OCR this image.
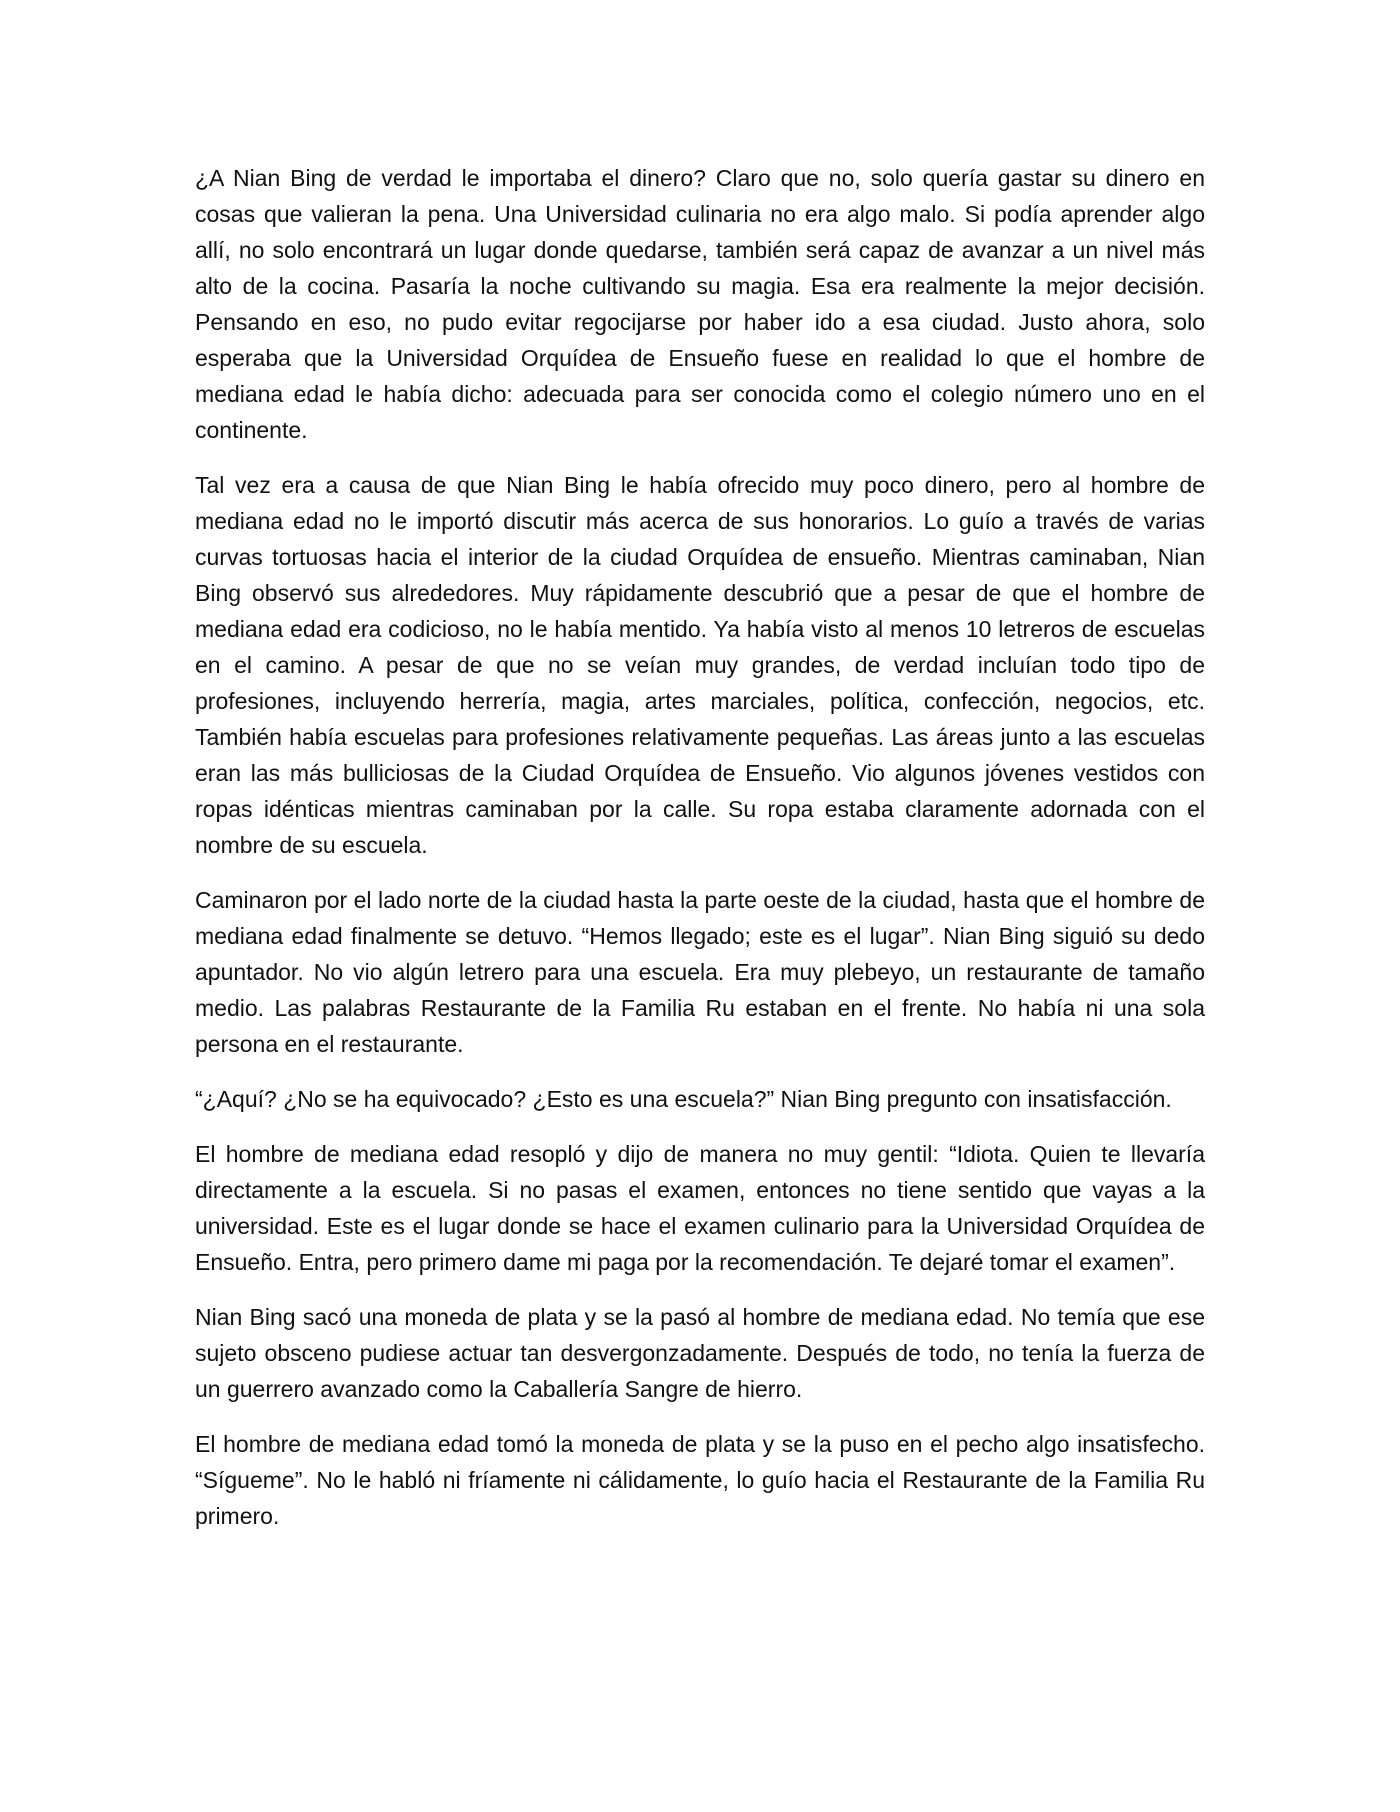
¿A Nian Bing de verdad le importaba el dinero? Claro que no, solo quería gastar su dinero en cosas que valieran la pena. Una Universidad culinaria no era algo malo. Si podía aprender algo allí, no solo encontrará un lugar donde quedarse, también será capaz de avanzar a un nivel más alto de la cocina. Pasaría la noche cultivando su magia. Esa era realmente la mejor decisión. Pensando en eso, no pudo evitar regocijarse por haber ido a esa ciudad. Justo ahora, solo esperaba que la Universidad Orquídea de Ensueño fuese en realidad lo que el hombre de mediana edad le había dicho: adecuada para ser conocida como el colegio número uno en el continente.

Tal vez era a causa de que Nian Bing le había ofrecido muy poco dinero, pero al hombre de mediana edad no le importó discutir más acerca de sus honorarios. Lo guío a través de varias curvas tortuosas hacia el interior de la ciudad Orquídea de ensueño. Mientras caminaban, Nian Bing observó sus alrededores. Muy rápidamente descubrió que a pesar de que el hombre de mediana edad era codicioso, no le había mentido. Ya había visto al menos 10 letreros de escuelas en el camino. A pesar de que no se veían muy grandes, de verdad incluían todo tipo de profesiones, incluyendo herrería, magia, artes marciales, política, confección, negocios, etc. También había escuelas para profesiones relativamente pequeñas. Las áreas junto a las escuelas eran las más bulliciosas de la Ciudad Orquídea de Ensueño. Vio algunos jóvenes vestidos con ropas idénticas mientras caminaban por la calle. Su ropa estaba claramente adornada con el nombre de su escuela.

Caminaron por el lado norte de la ciudad hasta la parte oeste de la ciudad, hasta que el hombre de mediana edad finalmente se detuvo. “Hemos llegado; este es el lugar”. Nian Bing siguió su dedo apuntador. No vio algún letrero para una escuela. Era muy plebeyo, un restaurante de tamaño medio. Las palabras Restaurante de la Familia Ru estaban en el frente. No había ni una sola persona en el restaurante.

“¿Aquí? ¿No se ha equivocado? ¿Esto es una escuela?” Nian Bing pregunto con insatisfacción.

El hombre de mediana edad resopló y dijo de manera no muy gentil: “Idiota. Quien te llevaría directamente a la escuela. Si no pasas el examen, entonces no tiene sentido que vayas a la universidad. Este es el lugar donde se hace el examen culinario para la Universidad Orquídea de Ensueño. Entra, pero primero dame mi paga por la recomendación. Te dejaré tomar el examen”.

Nian Bing sacó una moneda de plata y se la pasó al hombre de mediana edad. No temía que ese sujeto obsceno pudiese actuar tan desvergonzadamente. Después de todo, no tenía la fuerza de un guerrero avanzado como la Caballería Sangre de hierro.

El hombre de mediana edad tomó la moneda de plata y se la puso en el pecho algo insatisfecho. “Sígueme”. No le habló ni fríamente ni cálidamente, lo guío hacia el Restaurante de la Familia Ru primero.
